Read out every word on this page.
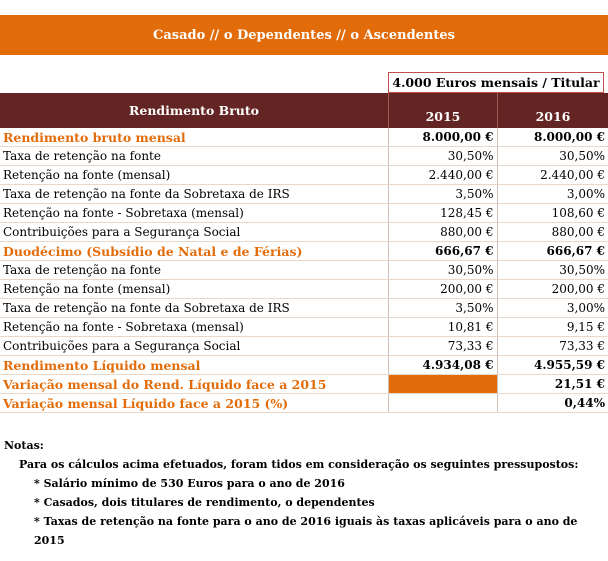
Casado // o Dependentes // o Ascendentes
4.000 Euros mensais / Titular
Rendimento Bruto	2015	2016
Rendimento bruto mensal	8.000,00 €	8.000,00 €
Taxa de retenção na fonte	30,50%	30,50%
Retenção na fonte (mensal)	2.440,00 €	2.440,00 €
Taxa de retenção na fonte da Sobretaxa de IRS	3,50%	3,00%
Retenção na fonte - Sobretaxa (mensal)	128,45 €	108,60 €
Contribuições para a Segurança Social	880,00 €	880,00 €
Duodécimo (Subsídio de Natal e de Férias)	666,67 €	666,67 €
Taxa de retenção na fonte	30,50%	30,50%
Retenção na fonte (mensal)	200,00 €	200,00 €
Taxa de retenção na fonte da Sobretaxa de IRS	3,50%	3,00%
Retenção na fonte - Sobretaxa (mensal)	10,81 €	9,15 €
Contribuições para a Segurança Social	73,33 €	73,33 €
Rendimento Líquido mensal	4.934,08 €	4.955,59 €
Variação mensal do Rend. Líquido face a 2015		21,51 €
Variação mensal Líquido face a 2015 (%)		0,44%
Notas:
Para os cálculos acima efetuados, foram tidos em consideração os seguintes pressupostos:
* Salário mínimo de 530 Euros para o ano de 2016
* Casados, dois titulares de rendimento, o dependentes
* Taxas de retenção na fonte para o ano de 2016 iguais às taxas aplicáveis para o ano de 2015
